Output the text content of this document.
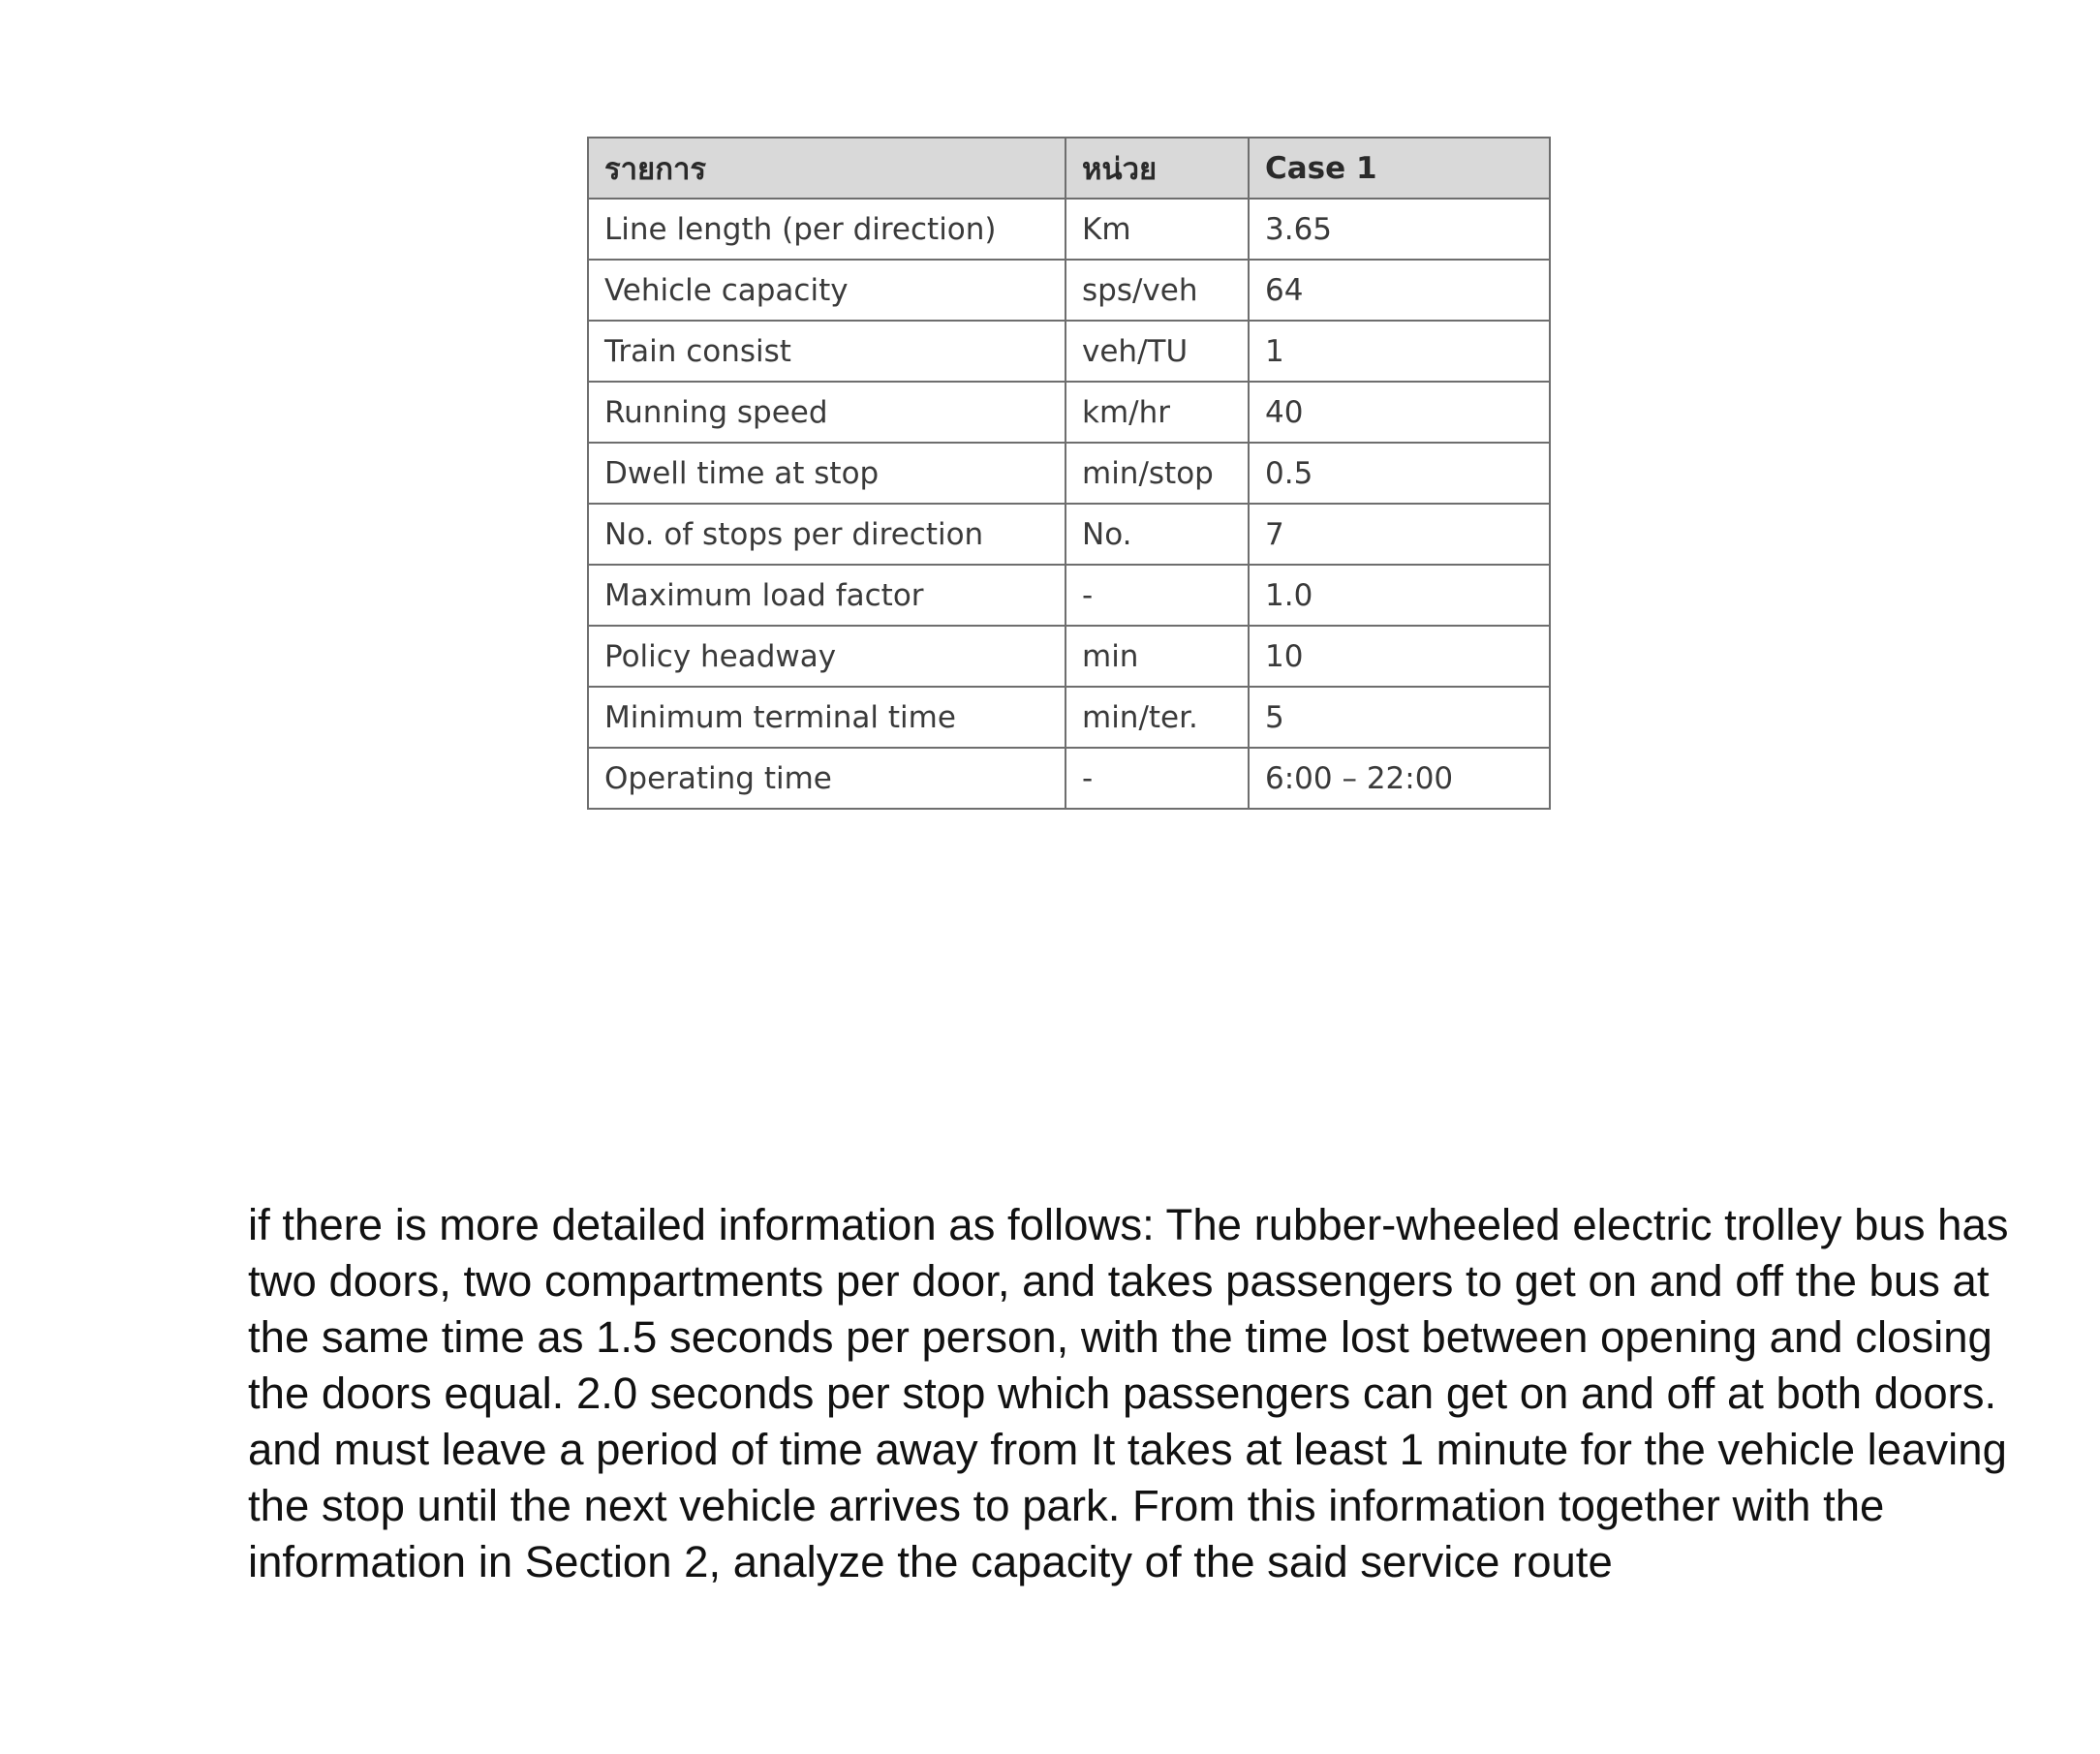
รายการ	หน่วย	Case 1
Line length (per direction)	Km	3.65
Vehicle capacity	sps/veh	64
Train consist	veh/TU	1
Running speed	km/hr	40
Dwell time at stop	min/stop	0.5
No. of stops per direction	No.	7
Maximum load factor	-	1.0
Policy headway	min	10
Minimum terminal time	min/ter.	5
Operating time	-	6:00 – 22:00

if there is more detailed information as follows: The rubber-wheeled electric trolley bus has two doors, two compartments per door, and takes passengers to get on and off the bus at the same time as 1.5 seconds per person, with the time lost between opening and closing the doors equal. 2.0 seconds per stop which passengers can get on and off at both doors. and must leave a period of time away from It takes at least 1 minute for the vehicle leaving the stop until the next vehicle arrives to park. From this information together with the information in Section 2, analyze the capacity of the said service route
